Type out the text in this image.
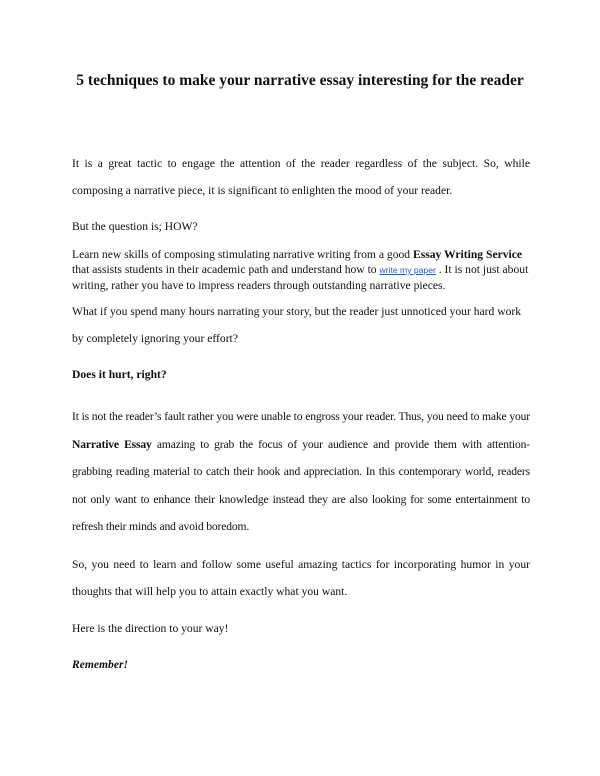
5 techniques to make your narrative essay interesting for the reader

It is a great tactic to engage the attention of the reader regardless of the subject. So, while composing a narrative piece, it is significant to enlighten the mood of your reader.

But the question is; HOW?

Learn new skills of composing stimulating narrative writing from a good Essay Writing Service that assists students in their academic path and understand how to write my paper . It is not just about writing, rather you have to impress readers through outstanding narrative pieces.

What if you spend many hours narrating your story, but the reader just unnoticed your hard work by completely ignoring your effort?

Does it hurt, right?

It is not the reader’s fault rather you were unable to engross your reader. Thus, you need to make your Narrative Essay amazing to grab the focus of your audience and provide them with attention-grabbing reading material to catch their hook and appreciation. In this contemporary world, readers not only want to enhance their knowledge instead they are also looking for some entertainment to refresh their minds and avoid boredom.

So, you need to learn and follow some useful amazing tactics for incorporating humor in your thoughts that will help you to attain exactly what you want.

Here is the direction to your way!

Remember!
